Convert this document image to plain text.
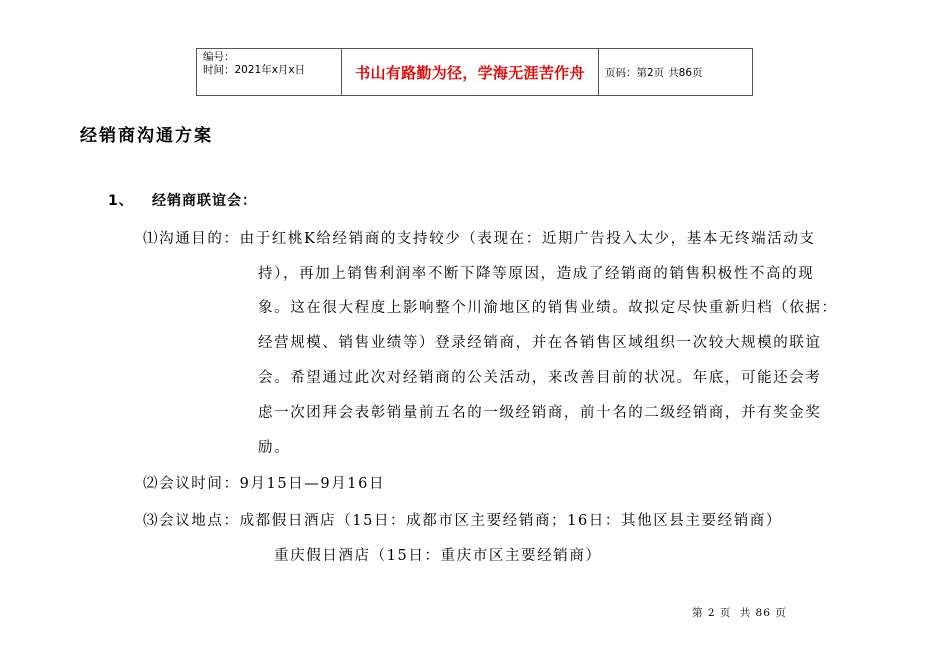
编号：
时间：2021年x月x日	书山有路勤为径，学海无涯苦作舟	页码：第2页 共86页
经销商沟通方案
1、 经销商联谊会：
⑴沟通目的：由于红桃K给经销商的支持较少（表现在：近期广告投入太少，基本无终端活动支
持），再加上销售利润率不断下降等原因，造成了经销商的销售积极性不高的现
象。这在很大程度上影响整个川渝地区的销售业绩。故拟定尽快重新归档（依据：
经营规模、销售业绩等）登录经销商，并在各销售区域组织一次较大规模的联谊
会。希望通过此次对经销商的公关活动，来改善目前的状况。年底，可能还会考
虑一次团拜会表彰销量前五名的一级经销商，前十名的二级经销商，并有奖金奖
励。
⑵会议时间：9月15日—9月16日
⑶会议地点：成都假日酒店（15日：成都市区主要经销商；16日：其他区县主要经销商）
重庆假日酒店（15日：重庆市区主要经销商）
第 2 页 共 86 页
